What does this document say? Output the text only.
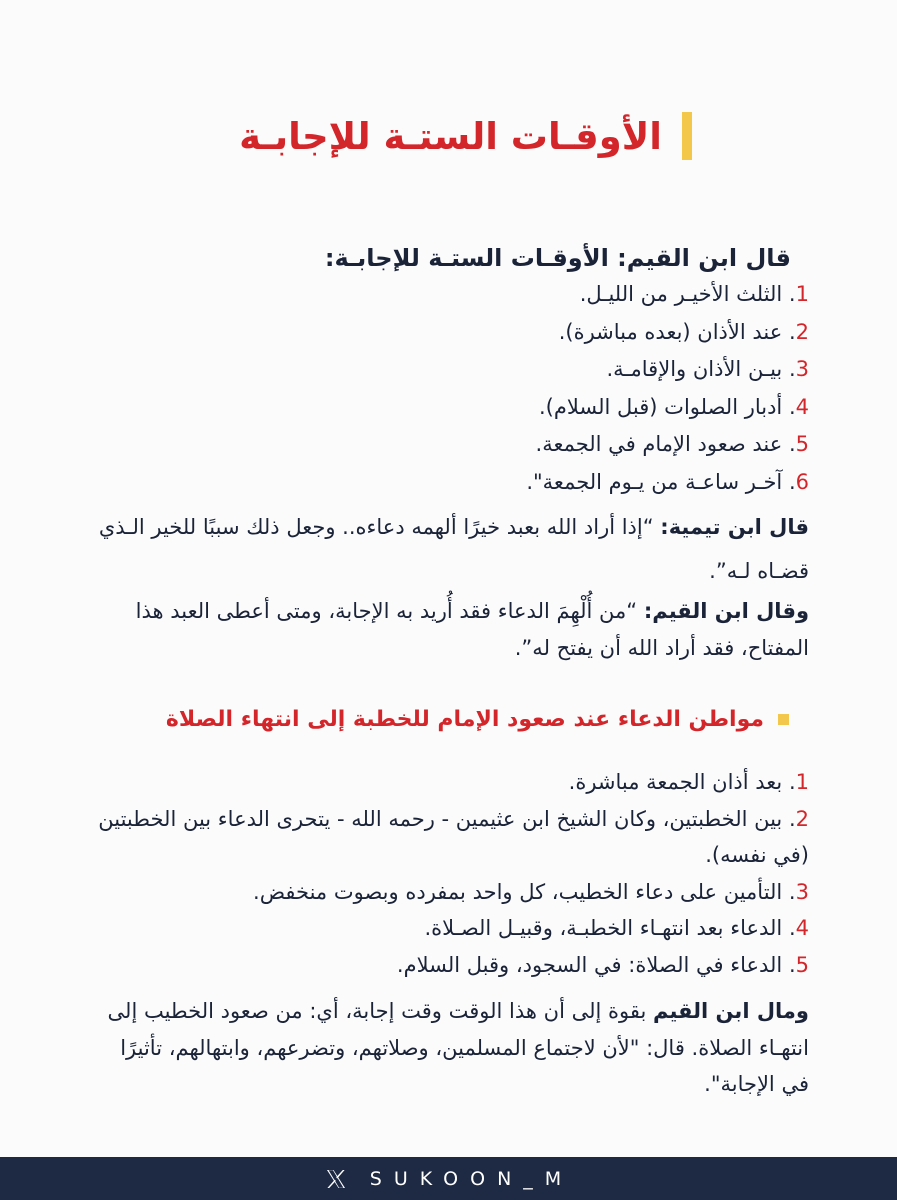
الأوقـات الستـة للإجابـة
قال ابن القيم: الأوقـات الستـة للإجابـة:
1. الثلث الأخيـر من الليـل.
2. عند الأذان (بعده مباشرة).
3. بيـن الأذان والإقامـة.
4. أدبار الصلوات (قبل السلام).
5. عند صعود الإمام في الجمعة.
6. آخـر ساعـة من يـوم الجمعة".
قال ابن تيمية: “إذا أراد الله بعبد خيرًا ألهمه دعاءه.. وجعل ذلك سببًا للخير الـذي قضـاه لـه”.
وقال ابن القيم: “من أُلْهِمَ الدعاء فقد أُريد به الإجابة، ومتى أعطى العبد هذا المفتاح، فقد أراد الله أن يفتح له”.
مواطن الدعاء عند صعود الإمام للخطبة إلى انتهاء الصلاة
1. بعد أذان الجمعة مباشرة.
2. بين الخطبتين، وكان الشيخ ابن عثيمين - رحمه الله - يتحرى الدعاء بين الخطبتين (في نفسه).
3. التأمين على دعاء الخطيب، كل واحد بمفرده وبصوت منخفض.
4. الدعاء بعد انتهـاء الخطبـة، وقبيـل الصـلاة.
5. الدعاء في الصلاة: في السجود، وقبل السلام.
ومال ابن القيم بقوة إلى أن هذا الوقت وقت إجابة، أي: من صعود الخطيب إلى انتهـاء الصلاة. قال: "لأن لاجتماع المسلمين، وصلاتهم، وتضرعهم، وابتهالهم، تأثيرًا في الإجابة".
SUKOON_M
